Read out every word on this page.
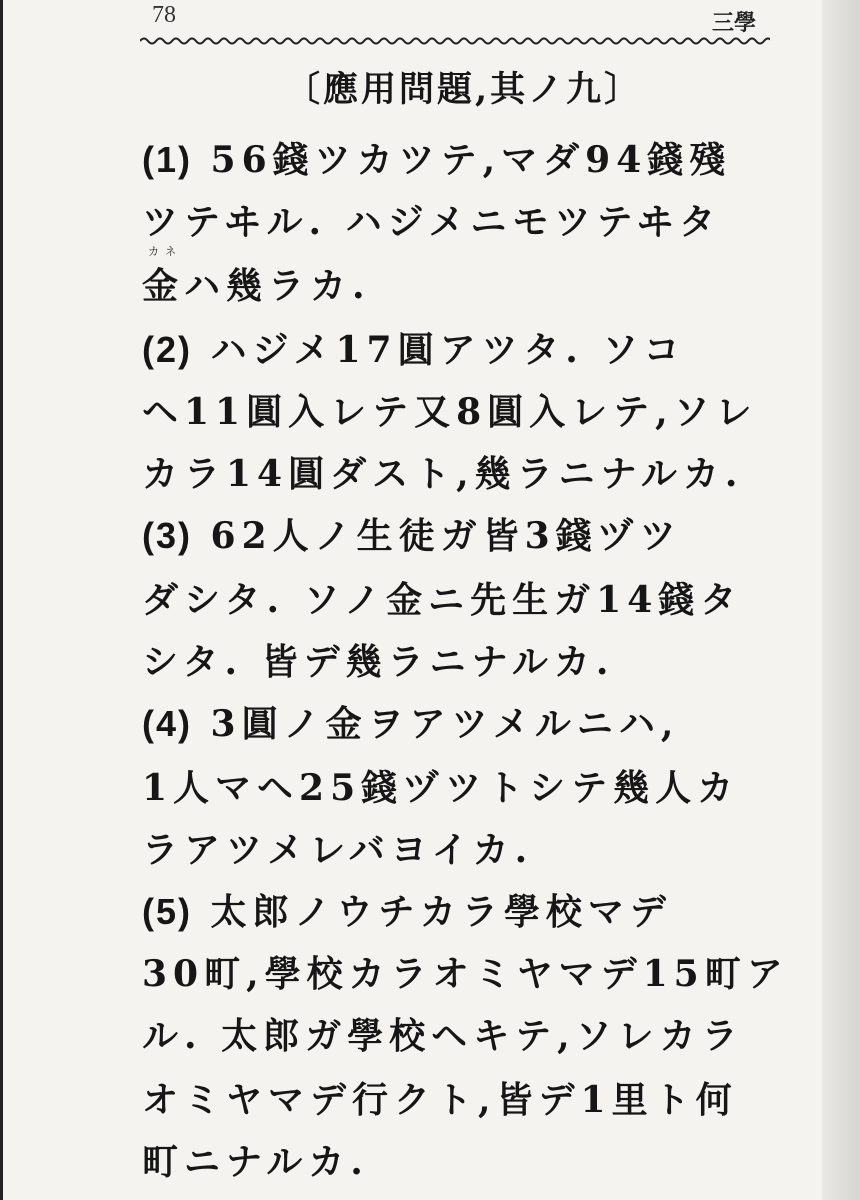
78	三學
〔應用問題,其ノ九〕
カネ
(1) 56錢ツカツテ,マダ94錢殘
ツテヰル. ハジメニモツテヰタ
金ハ幾ラカ.
(2) ハジメ17圓アツタ. ソコ
ヘ11圓入レテ又8圓入レテ,ソレ
カラ14圓ダスト,幾ラニナルカ.
(3) 62人ノ生徒ガ皆3錢ヅツ
ダシタ. ソノ金ニ先生ガ14錢タ
シタ. 皆デ幾ラニナルカ.
(4) 3圓ノ金ヲアツメルニハ,
1人マヘ25錢ヅツトシテ幾人カ
ラアツメレバヨイカ.
(5) 太郎ノウチカラ學校マデ
30町,學校カラオミヤマデ15町ア
ル. 太郎ガ學校ヘキテ,ソレカラ
オミヤマデ行クト,皆デ1里ト何
町ニナルカ.
